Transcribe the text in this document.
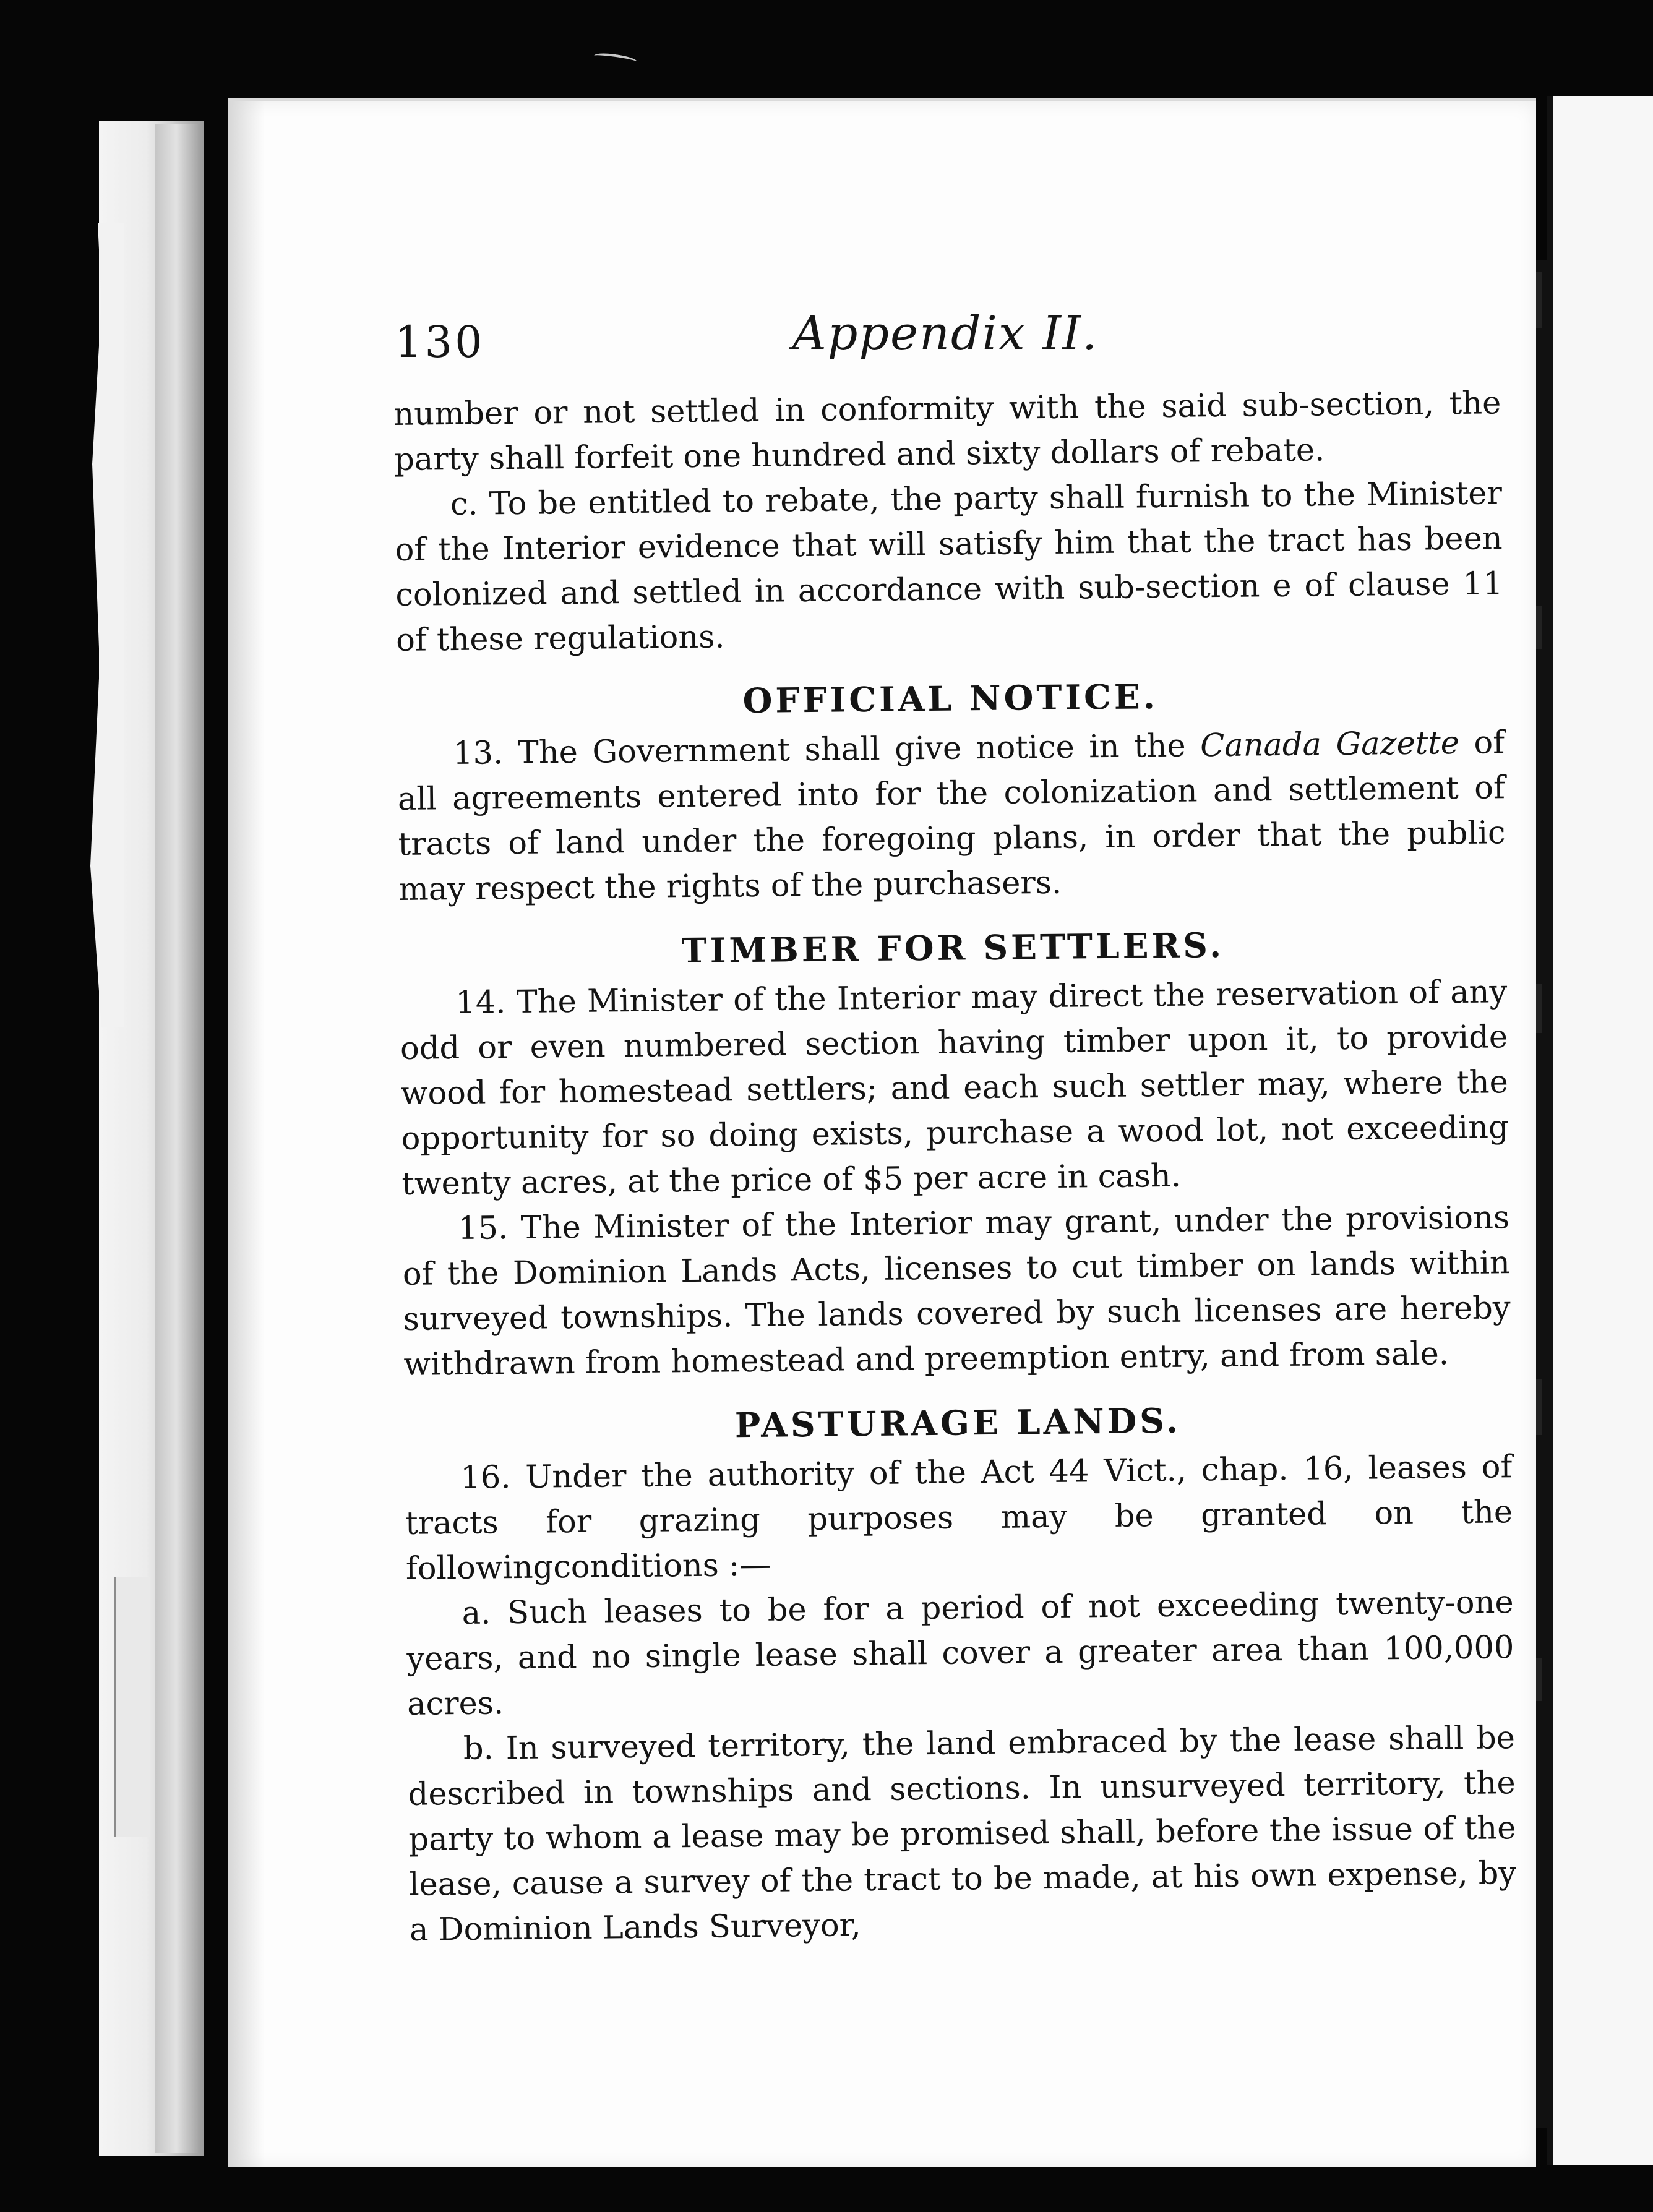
130	Appendix II.

number or not settled in conformity with the said sub-section, the party shall forfeit one hundred and sixty dollars of rebate.

c. To be entitled to rebate, the party shall furnish to the Minister of the Interior evidence that will satisfy him that the tract has been colonized and settled in accordance with sub-section e of clause 11 of these regulations.

OFFICIAL NOTICE.

13. The Government shall give notice in the Canada Gazette of all agreements entered into for the colonization and settlement of tracts of land under the foregoing plans, in order that the public may respect the rights of the purchasers.

TIMBER FOR SETTLERS.

14. The Minister of the Interior may direct the reservation of any odd or even numbered section having timber upon it, to provide wood for homestead settlers; and each such settler may, where the opportunity for so doing exists, purchase a wood lot, not exceeding twenty acres, at the price of $5 per acre in cash.

15. The Minister of the Interior may grant, under the provisions of the Dominion Lands Acts, licenses to cut timber on lands within surveyed townships. The lands covered by such licenses are hereby withdrawn from homestead and preemption entry, and from sale.

PASTURAGE LANDS.

16. Under the authority of the Act 44 Vict., chap. 16, leases of tracts for grazing purposes may be granted on the followingconditions :—

a. Such leases to be for a period of not exceeding twenty-one years, and no single lease shall cover a greater area than 100,000 acres.

b. In surveyed territory, the land embraced by the lease shall be described in townships and sections. In unsurveyed territory, the party to whom a lease may be promised shall, before the issue of the lease, cause a survey of the tract to be made, at his own expense, by a Dominion Lands Surveyor,
